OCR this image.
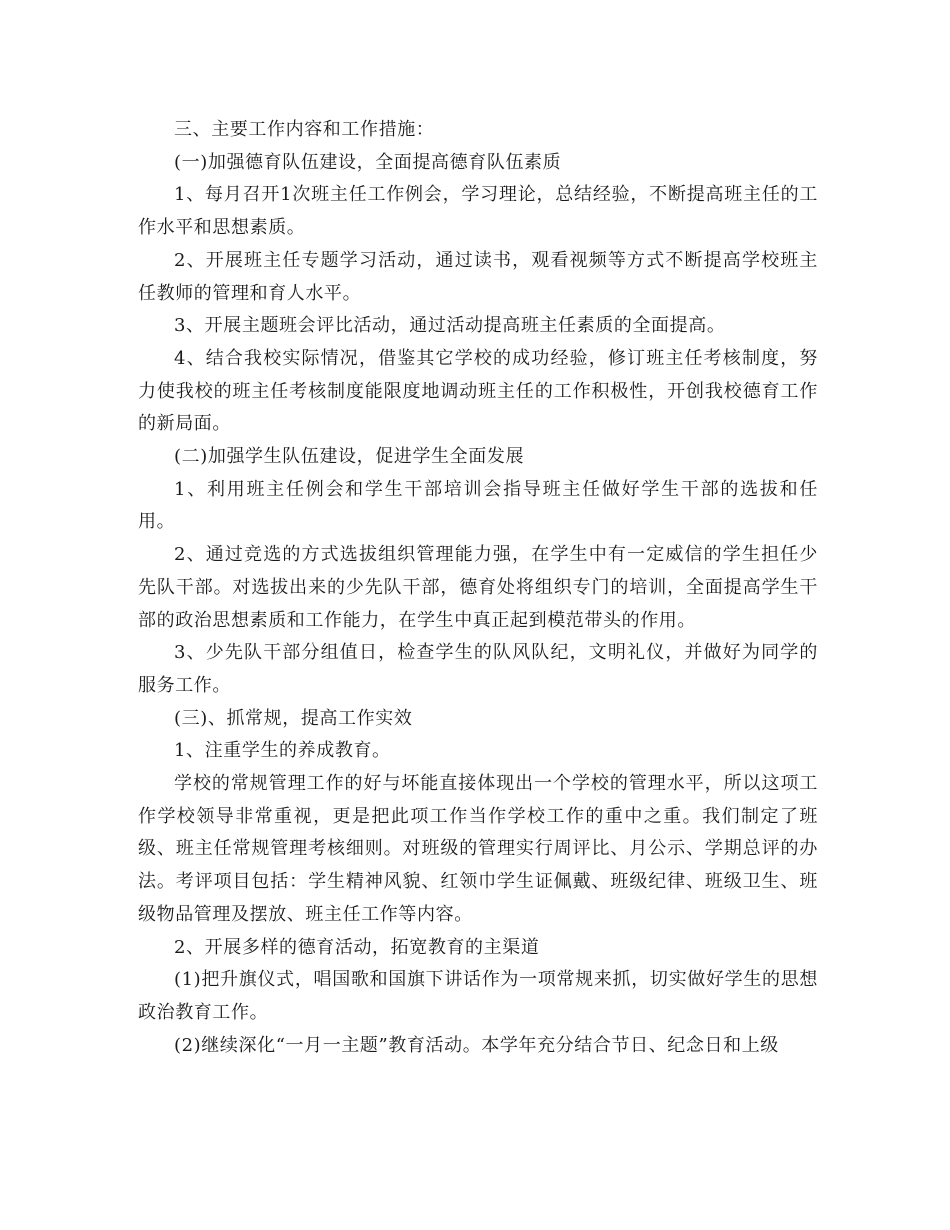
三、主要工作内容和工作措施：

(一)加强德育队伍建设，全面提高德育队伍素质

1、每月召开1次班主任工作例会，学习理论，总结经验，不断提高班主任的工作水平和思想素质。

2、开展班主任专题学习活动，通过读书，观看视频等方式不断提高学校班主任教师的管理和育人水平。

3、开展主题班会评比活动，通过活动提高班主任素质的全面提高。

4、结合我校实际情况，借鉴其它学校的成功经验，修订班主任考核制度，努力使我校的班主任考核制度能限度地调动班主任的工作积极性，开创我校德育工作的新局面。

(二)加强学生队伍建设，促进学生全面发展

1、利用班主任例会和学生干部培训会指导班主任做好学生干部的选拔和任用。

2、通过竞选的方式选拔组织管理能力强，在学生中有一定威信的学生担任少先队干部。对选拔出来的少先队干部，德育处将组织专门的培训，全面提高学生干部的政治思想素质和工作能力，在学生中真正起到模范带头的作用。

3、少先队干部分组值日，检查学生的队风队纪，文明礼仪，并做好为同学的服务工作。

(三)、抓常规，提高工作实效

1、注重学生的养成教育。

学校的常规管理工作的好与坏能直接体现出一个学校的管理水平，所以这项工作学校领导非常重视，更是把此项工作当作学校工作的重中之重。我们制定了班级、班主任常规管理考核细则。对班级的管理实行周评比、月公示、学期总评的办法。考评项目包括：学生精神风貌、红领巾学生证佩戴、班级纪律、班级卫生、班级物品管理及摆放、班主任工作等内容。

2、开展多样的德育活动，拓宽教育的主渠道

(1)把升旗仪式，唱国歌和国旗下讲话作为一项常规来抓，切实做好学生的思想政治教育工作。

(2)继续深化“一月一主题”教育活动。本学年充分结合节日、纪念日和上级
